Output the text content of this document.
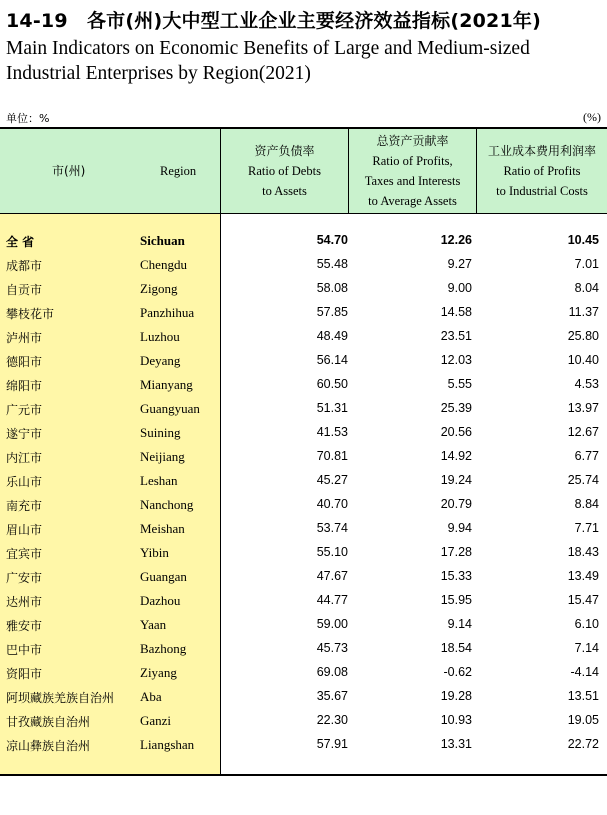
14-19　各市(州)大中型工业企业主要经济效益指标(2021年)
Main Indicators on Economic Benefits of Large and Medium-sized Industrial Enterprises by Region(2021)
单位：%	(%)
市(州)	Region
资产负债率
Ratio of Debts
to Assets
总资产贡献率
Ratio of Profits,
Taxes and Interests
to Average Assets
工业成本费用利润率
Ratio of Profits
to Industrial Costs
全 省	Sichuan	54.70	12.26	10.45
成都市	Chengdu	55.48	9.27	7.01
自贡市	Zigong	58.08	9.00	8.04
攀枝花市	Panzhihua	57.85	14.58	11.37
泸州市	Luzhou	48.49	23.51	25.80
德阳市	Deyang	56.14	12.03	10.40
绵阳市	Mianyang	60.50	5.55	4.53
广元市	Guangyuan	51.31	25.39	13.97
遂宁市	Suining	41.53	20.56	12.67
内江市	Neijiang	70.81	14.92	6.77
乐山市	Leshan	45.27	19.24	25.74
南充市	Nanchong	40.70	20.79	8.84
眉山市	Meishan	53.74	9.94	7.71
宜宾市	Yibin	55.10	17.28	18.43
广安市	Guangan	47.67	15.33	13.49
达州市	Dazhou	44.77	15.95	15.47
雅安市	Yaan	59.00	9.14	6.10
巴中市	Bazhong	45.73	18.54	7.14
资阳市	Ziyang	69.08	-0.62	-4.14
阿坝藏族羌族自治州 Aba	35.67	19.28	13.51
甘孜藏族自治州	Ganzi	22.30	10.93	19.05
凉山彝族自治州	Liangshan	57.91	13.31	22.72
